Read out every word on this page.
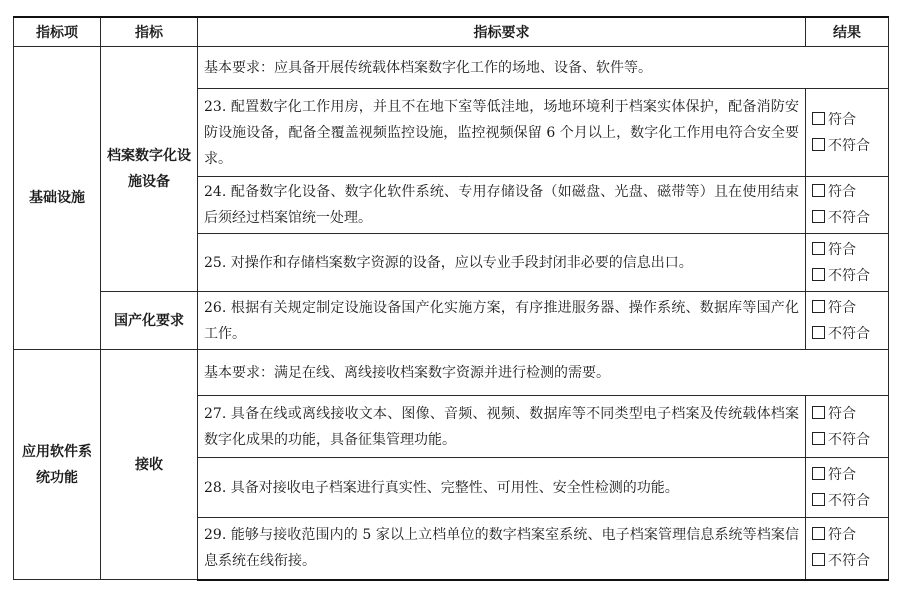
指标项	指标	指标要求	结果
基础设施	档案数字化设施设备	基本要求：应具备开展传统载体档案数字化工作的场地、设备、软件等。	
		23. 配置数字化工作用房，并且不在地下室等低洼地，场地环境利于档案实体保护，配备消防安防设施设备，配备全覆盖视频监控设施，监控视频保留 6 个月以上，数字化工作用电符合安全要求。	符合
不符合

		24. 配备数字化设备、数字化软件系统、专用存储设备（如磁盘、光盘、磁带等）且在使用结束后须经过档案馆统一处理。	符合
不符合

		25. 对操作和存储档案数字资源的设备，应以专业手段封闭非必要的信息出口。	符合
不符合

	国产化要求	26. 根据有关规定制定设施设备国产化实施方案，有序推进服务器、操作系统、数据库等国产化工作。	符合
不符合

应用软件系统功能	接收	基本要求：满足在线、离线接收档案数字资源并进行检测的需要。	
		27. 具备在线或离线接收文本、图像、音频、视频、数据库等不同类型电子档案及传统载体档案数字化成果的功能，具备征集管理功能。	符合
不符合

		28. 具备对接收电子档案进行真实性、完整性、可用性、安全性检测的功能。	符合
不符合

		29. 能够与接收范围内的 5 家以上立档单位的数字档案室系统、电子档案管理信息系统等档案信息系统在线衔接。	符合
不符合
